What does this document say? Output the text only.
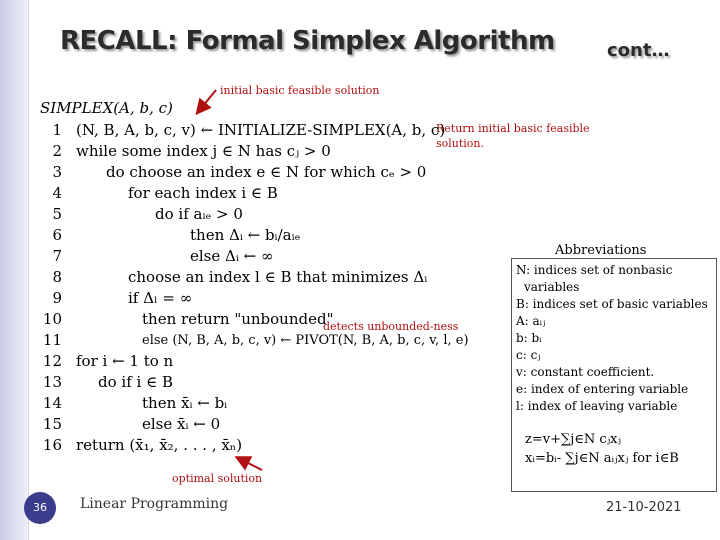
RECALL: Formal Simplex Algorithm	cont…
initial basic feasible solution
Return initial basic feasible
solution.
detects unbounded-ness
optimal solution
SIMPLEX(A, b, c)
1 (N, B, A, b, c, v) ← INITIALIZE-SIMPLEX(A, b, c)
2 while some index j ∈ N has cⱼ > 0
3	do choose an index e ∈ N for which cₑ > 0
4	for each index i ∈ B
5	do if aᵢₑ > 0
6	then Δᵢ ← bᵢ/aᵢₑ
7	else Δᵢ ← ∞
8	choose an index l ∈ B that minimizes Δᵢ
9	if Δₗ = ∞
10	then return "unbounded"
11	else (N, B, A, b, c, v) ← PIVOT(N, B, A, b, c, v, l, e)
12 for i ← 1 to n
13 do if i ∈ B
14	then x̄ᵢ ← bᵢ
15	else x̄ᵢ ← 0
16 return (x̄₁, x̄₂, . . . , x̄ₙ)
Abbreviations
N: indices set of nonbasic
variables
B: indices set of basic variables
A: aᵢⱼ
b: bᵢ
c: cⱼ
v: constant coefficient.
e: index of entering variable
l: index of leaving variable
z=v+∑j∈N cⱼxⱼ
xᵢ=bᵢ- ∑j∈N aᵢⱼxⱼ for i∈B
36	Linear Programming	21-10-2021
